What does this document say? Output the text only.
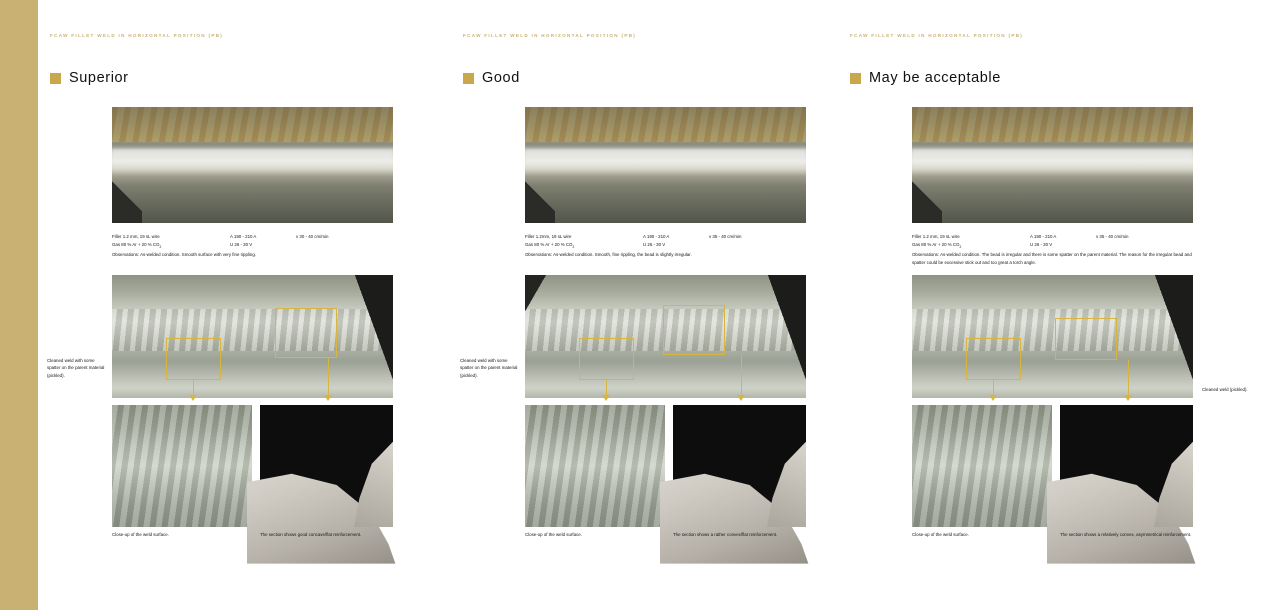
FCAW FILLET WELD IN HORIZONTAL POSITION (PB)
Superior
Filler 1.2 mm, 19 sL wire	A 190 - 210 A	v 30 - 40 cm/min
Gas 80 % Ar + 20 % $CO_2$	U 26 - 30 V
Observations: As-welded condition. Smooth surface with very fine rippling.
Cleaned weld with some spatter on the parent material (pickled).
Close-up of the weld surface.	The section shows good concave/flat reinforcement.
FCAW FILLET WELD IN HORIZONTAL POSITION (PB)
Good
Filler 1.2mm, 19 sL wire	A 190 - 210 A	v 35 - 40 cm/min
Gas 80 % Ar + 20 % $CO_2$	U 26 - 30 V
Observations: As-welded condition. Smooth, fine rippling, the bead is slightly irregular.
Cleaned weld with some spatter on the parent material (pickled).
Close-up of the weld surface.	The section shows a rather convex/flat reinforcement.
FCAW FILLET WELD IN HORIZONTAL POSITION (PB)
May be acceptable
Filler 1.2 mm, 19 sL wire	A 190 - 210 A	v 35 - 40 cm/min
Gas 80 % Ar + 20 % $CO_2$	U 26 - 30 V
Observations: As-welded condition. The bead is irregular and there is some spatter on the parent material. The reason for the irregular bead and spatter could be excessive stick out and too great a torch angle.
Cleaned weld (pickled).
Close-up of the weld surface.	The section shows a relatively convex, asymmetrical reinforcement.
